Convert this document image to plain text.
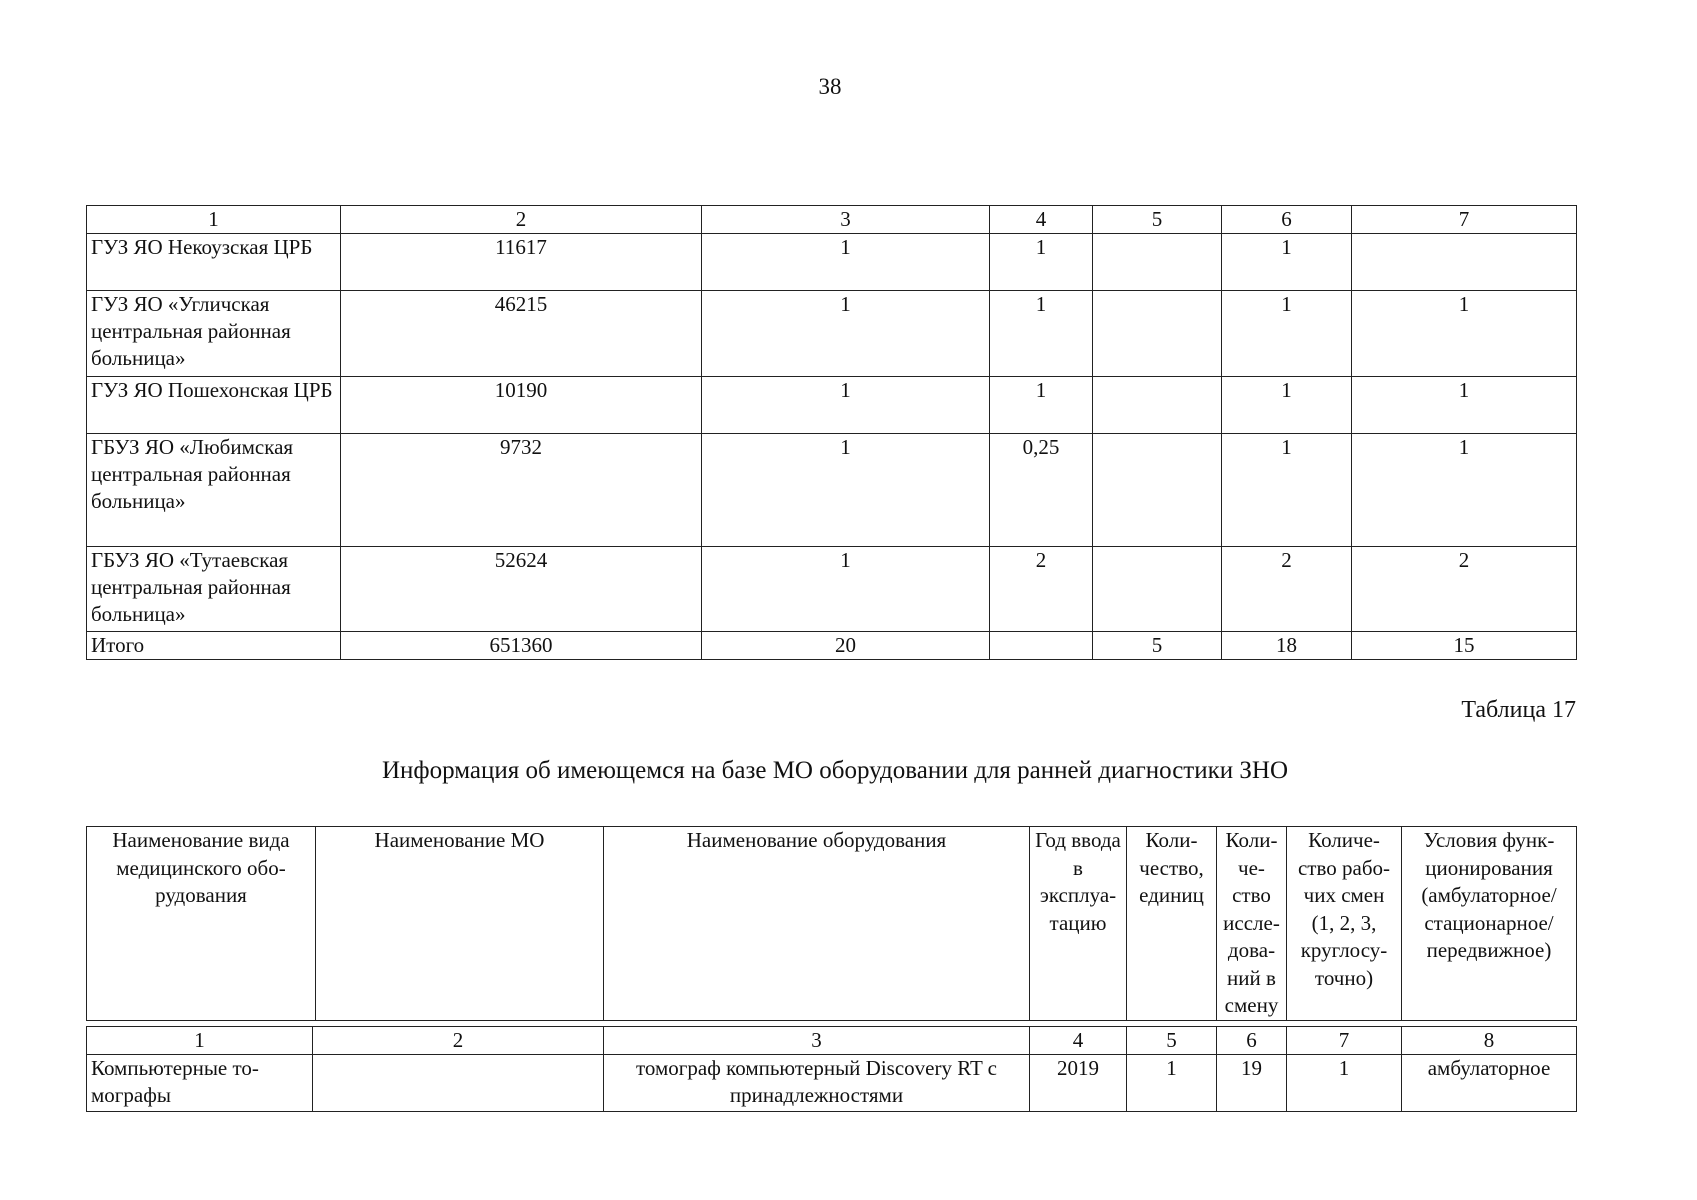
38
1	2	3	4	5	6	7
ГУЗ ЯО Некоузская ЦРБ	11617	1	1		1	
ГУЗ ЯО «Угличская центральная районная больница»	46215	1	1		1	1
ГУЗ ЯО Пошехонская ЦРБ	10190	1	1		1	1
ГБУЗ ЯО «Любимская центральная районная больница»	9732	1	0,25		1	1
ГБУЗ ЯО «Тутаевская центральная районная больница»	52624	1	2		2	2
Итого	651360	20		5	18	15
Таблица 17
Информация об имеющемся на базе МО оборудовании для ранней диагностики ЗНО
Наименование вида медицинского обо-рудования	Наименование МО	Наименование оборудования	Год ввода в эксплуа-тацию	Коли-чество, единиц	Коли-че-ство иссле-дова-ний в смену	Количе-ство рабо-чих смен (1, 2, 3, круглосу-точно)	Условия функ-ционирования (амбулаторное/ стационарное/ передвижное)
1	2	3	4	5	6	7	8
Компьютерные то-мографы		томограф компьютерный Discovery RT с принадлежностями	2019	1	19	1	амбулаторное
